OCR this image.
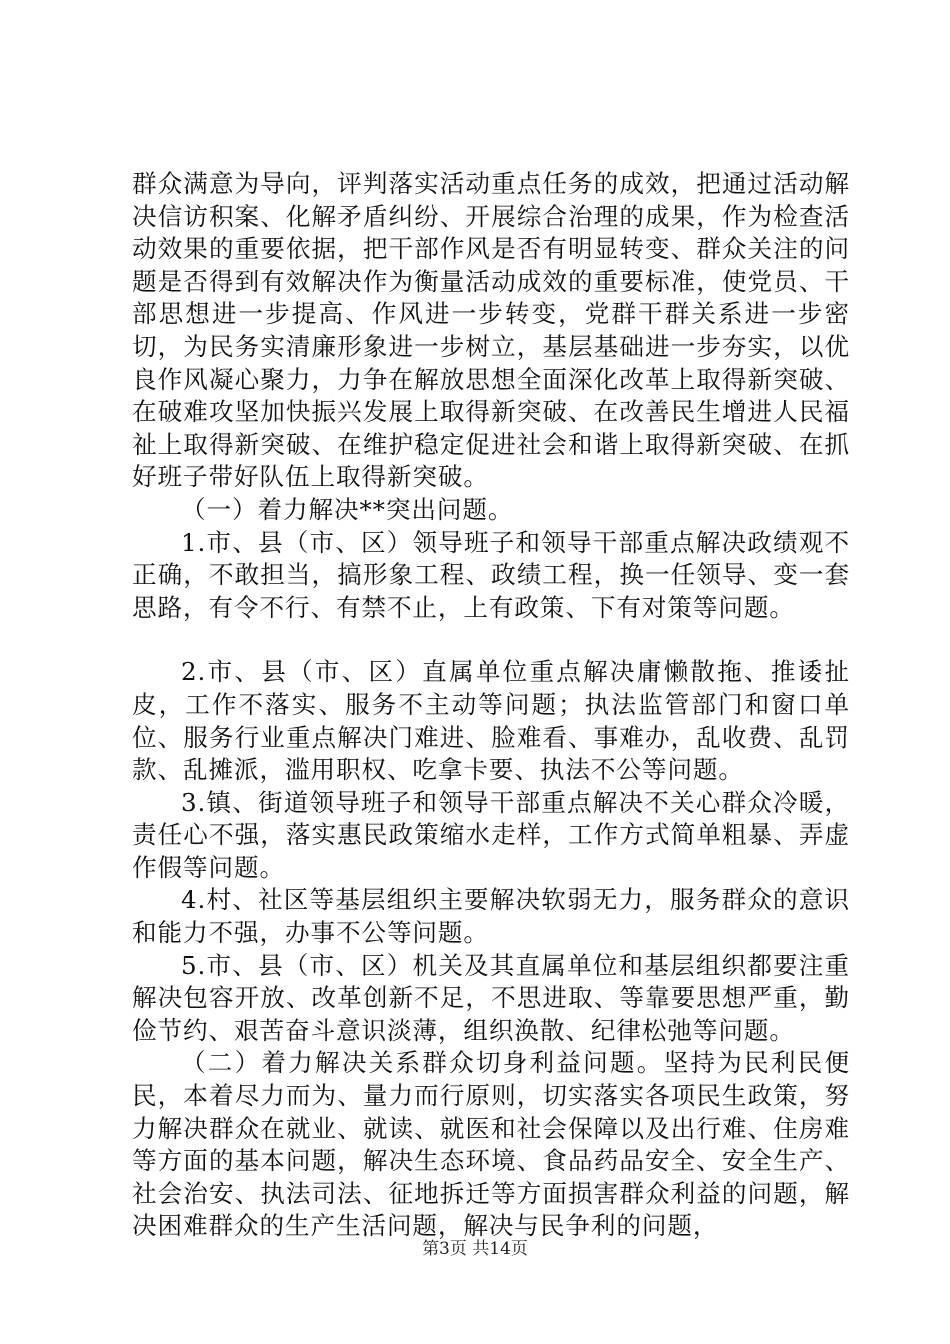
群众满意为导向，评判落实活动重点任务的成效，把通过活动解决信访积案、化解矛盾纠纷、开展综合治理的成果，作为检查活动效果的重要依据，把干部作风是否有明显转变、群众关注的问题是否得到有效解决作为衡量活动成效的重要标准，使党员、干部思想进一步提高、作风进一步转变，党群干群关系进一步密切，为民务实清廉形象进一步树立，基层基础进一步夯实，以优良作风凝心聚力，力争在解放思想全面深化改革上取得新突破、在破难攻坚加快振兴发展上取得新突破、在改善民生增进人民福祉上取得新突破、在维护稳定促进社会和谐上取得新突破、在抓好班子带好队伍上取得新突破。

（一）着力解决**突出问题。

1.市、县（市、区）领导班子和领导干部重点解决政绩观不正确，不敢担当，搞形象工程、政绩工程，换一任领导、变一套思路，有令不行、有禁不止，上有政策、下有对策等问题。

2.市、县（市、区）直属单位重点解决庸懒散拖、推诿扯皮，工作不落实、服务不主动等问题；执法监管部门和窗口单位、服务行业重点解决门难进、脸难看、事难办，乱收费、乱罚款、乱摊派，滥用职权、吃拿卡要、执法不公等问题。

3.镇、街道领导班子和领导干部重点解决不关心群众冷暖，责任心不强，落实惠民政策缩水走样，工作方式简单粗暴、弄虚作假等问题。

4.村、社区等基层组织主要解决软弱无力，服务群众的意识和能力不强，办事不公等问题。

5.市、县（市、区）机关及其直属单位和基层组织都要注重解决包容开放、改革创新不足，不思进取、等靠要思想严重，勤俭节约、艰苦奋斗意识淡薄，组织涣散、纪律松弛等问题。

（二）着力解决关系群众切身利益问题。坚持为民利民便民，本着尽力而为、量力而行原则，切实落实各项民生政策，努力解决群众在就业、就读、就医和社会保障以及出行难、住房难等方面的基本问题，解决生态环境、食品药品安全、安全生产、社会治安、执法司法、征地拆迁等方面损害群众利益的问题，解决困难群众的生产生活问题，解决与民争利的问题，

第3页 共14页
